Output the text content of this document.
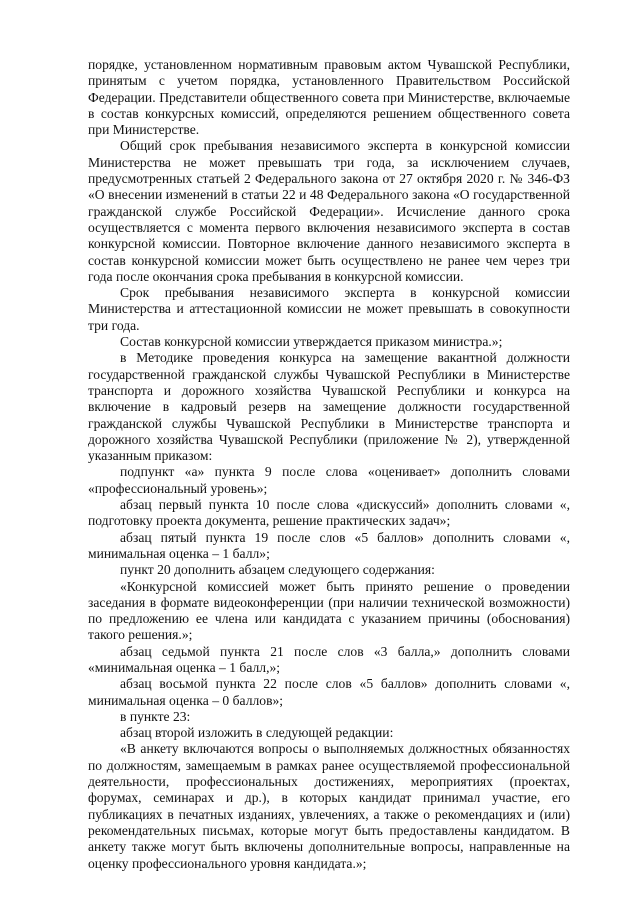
порядке, установленном нормативным правовым актом Чувашской Республики, принятым с учетом порядка, установленного Правительством Российской Федерации. Представители общественного совета при Министерстве, включаемые в состав конкурсных комиссий, определяются решением общественного совета при Министерстве.

Общий срок пребывания независимого эксперта в конкурсной комиссии Министерства не может превышать три года, за исключением случаев, предусмотренных статьей 2 Федерального закона от 27 октября 2020 г. № 346-ФЗ «О внесении изменений в статьи 22 и 48 Федерального закона «О государственной гражданской службе Российской Федерации». Исчисление данного срока осуществляется с момента первого включения независимого эксперта в состав конкурсной комиссии. Повторное включение данного независимого эксперта в состав конкурсной комиссии может быть осуществлено не ранее чем через три года после окончания срока пребывания в конкурсной комиссии.

Срок пребывания независимого эксперта в конкурсной комиссии Министерства и аттестационной комиссии не может превышать в совокупности три года.

Состав конкурсной комиссии утверждается приказом министра.»;

в Методике проведения конкурса на замещение вакантной должности государственной гражданской службы Чувашской Республики в Министерстве транспорта и дорожного хозяйства Чувашской Республики и конкурса на включение в кадровый резерв на замещение должности государственной гражданской службы Чувашской Республики в Министерстве транспорта и дорожного хозяйства Чувашской Республики (приложение № 2), утвержденной указанным приказом:

подпункт «а» пункта 9 после слова «оценивает» дополнить словами «профессиональный уровень»;

абзац первый пункта 10 после слова «дискуссий» дополнить словами «, подготовку проекта документа, решение практических задач»;

абзац пятый пункта 19 после слов «5 баллов» дополнить словами «, минимальная оценка – 1 балл»;

пункт 20 дополнить абзацем следующего содержания:

«Конкурсной комиссией может быть принято решение о проведении заседания в формате видеоконференции (при наличии технической возможности) по предложению ее члена или кандидата с указанием причины (обоснования) такого решения.»;

абзац седьмой пункта 21 после слов «3 балла,» дополнить словами «минимальная оценка – 1 балл,»;

абзац восьмой пункта 22 после слов «5 баллов» дополнить словами «, минимальная оценка – 0 баллов»;

в пункте 23:

абзац второй изложить в следующей редакции:

«В анкету включаются вопросы о выполняемых должностных обязанностях по должностям, замещаемым в рамках ранее осуществляемой профессиональной деятельности, профессиональных достижениях, мероприятиях (проектах, форумах, семинарах и др.), в которых кандидат принимал участие, его публикациях в печатных изданиях, увлечениях, а также о рекомендациях и (или) рекомендательных письмах, которые могут быть предоставлены кандидатом. В анкету также могут быть включены дополнительные вопросы, направленные на оценку профессионального уровня кандидата.»;
